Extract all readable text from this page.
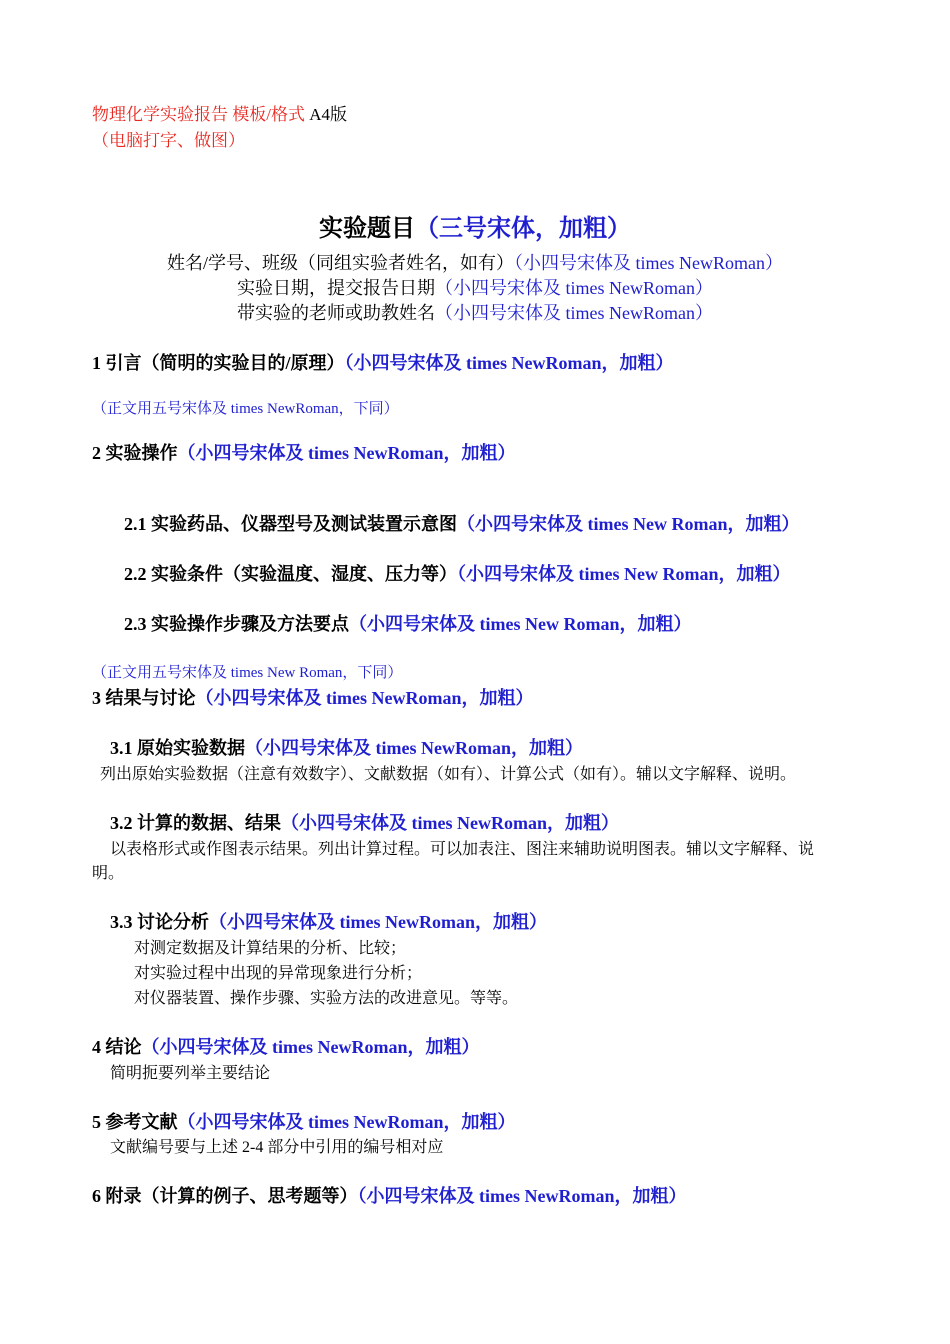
物理化学实验报告 模板/格式 A4版
（电脑打字、做图）
实验题目（三号宋体，加粗）
姓名/学号、班级（同组实验者姓名，如有）（小四号宋体及 times NewRoman）
实验日期，提交报告日期（小四号宋体及 times NewRoman）
带实验的老师或助教姓名（小四号宋体及 times NewRoman）
1 引言（简明的实验目的/原理）（小四号宋体及 times NewRoman，加粗）
（正文用五号宋体及 times NewRoman，下同）
2 实验操作（小四号宋体及 times NewRoman，加粗）
2.1 实验药品、仪器型号及测试装置示意图（小四号宋体及 times New Roman，加粗）
2.2 实验条件（实验温度、湿度、压力等）（小四号宋体及 times New Roman，加粗）
2.3 实验操作步骤及方法要点（小四号宋体及 times New Roman，加粗）
（正文用五号宋体及 times New Roman，下同）
3 结果与讨论（小四号宋体及 times NewRoman，加粗）
3.1 原始实验数据（小四号宋体及 times NewRoman，加粗）
列出原始实验数据（注意有效数字）、文献数据（如有）、计算公式（如有）。辅以文字解释、说明。
3.2 计算的数据、结果（小四号宋体及 times NewRoman，加粗）
以表格形式或作图表示结果。列出计算过程。可以加表注、图注来辅助说明图表。辅以文字解释、说
明。
3.3 讨论分析（小四号宋体及 times NewRoman，加粗）
对测定数据及计算结果的分析、比较；
对实验过程中出现的异常现象进行分析；
对仪器装置、操作步骤、实验方法的改进意见。等等。
4 结论（小四号宋体及 times NewRoman，加粗）
简明扼要列举主要结论
5 参考文献（小四号宋体及 times NewRoman，加粗）
文献编号要与上述 2-4 部分中引用的编号相对应
6 附录（计算的例子、思考题等）（小四号宋体及 times NewRoman，加粗）
